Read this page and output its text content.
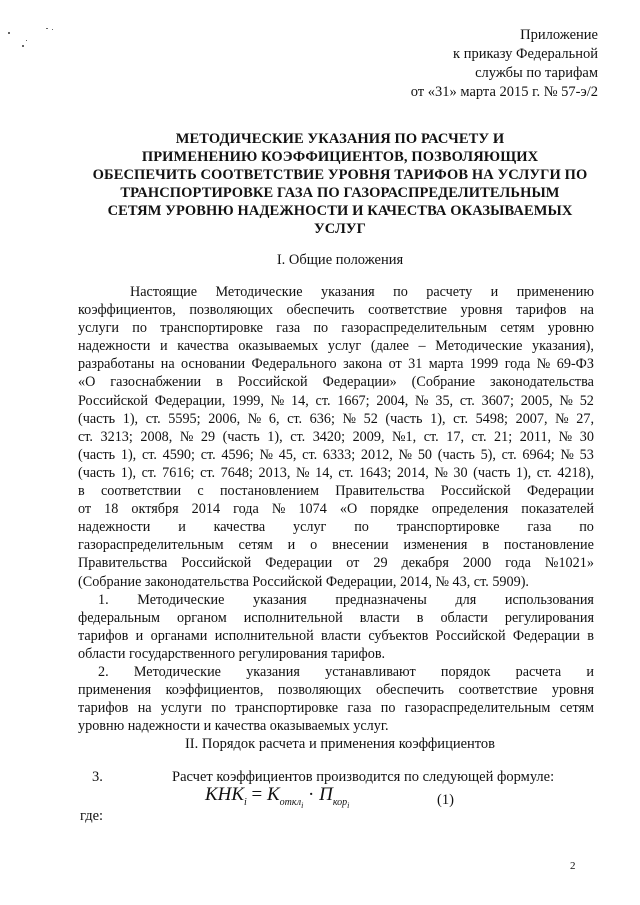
Приложение
к приказу Федеральной
службы по тарифам
от «31» марта 2015 г. № 57-э/2
МЕТОДИЧЕСКИЕ УКАЗАНИЯ ПО РАСЧЕТУ И
ПРИМЕНЕНИЮ КОЭФФИЦИЕНТОВ, ПОЗВОЛЯЮЩИХ
ОБЕСПЕЧИТЬ СООТВЕТСТВИЕ УРОВНЯ ТАРИФОВ НА УСЛУГИ ПО
ТРАНСПОРТИРОВКЕ ГАЗА ПО ГАЗОРАСПРЕДЕЛИТЕЛЬНЫМ
СЕТЯМ УРОВНЮ НАДЕЖНОСТИ И КАЧЕСТВА ОКАЗЫВАЕМЫХ
УСЛУГ
I. Общие положения
Настоящие Методические указания по расчету и применению
коэффициентов, позволяющих обеспечить соответствие уровня тарифов на
услуги по транспортировке газа по газораспределительным сетям уровню
надежности и качества оказываемых услуг (далее – Методические указания),
разработаны на основании Федерального закона от 31 марта 1999 года № 69-ФЗ
«О газоснабжении в Российской Федерации» (Собрание законодательства
Российской Федерации, 1999, № 14, ст. 1667; 2004, № 35, ст. 3607; 2005, № 52
(часть 1), ст. 5595; 2006, № 6, ст. 636; № 52 (часть 1), ст. 5498; 2007, № 27,
ст. 3213; 2008, № 29 (часть 1), ст. 3420; 2009, №1, ст. 17, ст. 21; 2011, № 30
(часть 1), ст. 4590; ст. 4596; № 45, ст. 6333; 2012, № 50 (часть 5), ст. 6964; № 53
(часть 1), ст. 7616; ст. 7648; 2013, № 14, ст. 1643; 2014, № 30 (часть 1), ст. 4218),
в соответствии с постановлением Правительства Российской Федерации
от 18 октября 2014 года № 1074 «О порядке определения показателей
надежности и качества услуг по транспортировке газа по
газораспределительным сетям и о внесении изменения в постановление
Правительства Российской Федерации от 29 декабря 2000 года №1021»
(Собрание законодательства Российской Федерации, 2014, № 43, ст. 5909).
1. Методические указания предназначены для использования
федеральным органом исполнительной власти в области регулирования
тарифов и органами исполнительной власти субъектов Российской Федерации в
области государственного регулирования тарифов.
2. Методические указания устанавливают порядок расчета и
применения коэффициентов, позволяющих обеспечить соответствие уровня
тарифов на услуги по транспортировке газа по газораспределительным сетям
уровню надежности и качества оказываемых услуг.
II. Порядок расчета и применения коэффициентов
3.	Расчет коэффициентов производится по следующей формуле:
$КНК_i = К_{откл_i} \cdot П_{кор_i}$	(1)
где:
2
